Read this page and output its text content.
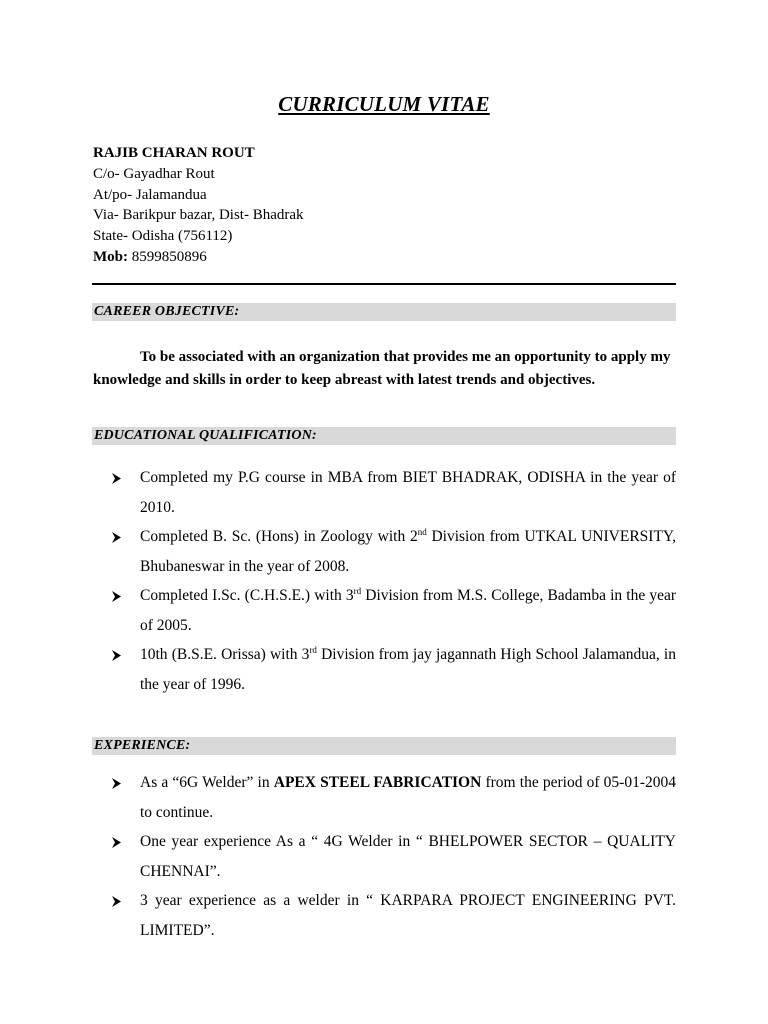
CURRICULUM VITAE
RAJIB CHARAN ROUT
C/o- Gayadhar Rout
At/po- Jalamandua
Via- Barikpur bazar, Dist- Bhadrak
State- Odisha (756112)
Mob: 8599850896
CAREER OBJECTIVE:
To be associated with an organization that provides me an opportunity to apply my knowledge and skills in order to keep abreast with latest trends and objectives.
EDUCATIONAL QUALIFICATION:
Completed my P.G course in MBA from BIET BHADRAK, ODISHA in the year of 2010.
Completed B. Sc. (Hons) in Zoology with 2nd Division from UTKAL UNIVERSITY, Bhubaneswar in the year of 2008.
Completed I.Sc. (C.H.S.E.) with 3rd Division from M.S. College, Badamba in the year of 2005.
10th (B.S.E. Orissa) with 3rd Division from jay jagannath High School Jalamandua, in the year of 1996.
EXPERIENCE:
As a “6G Welder” in APEX STEEL FABRICATION from the period of 05-01-2004 to continue.
One year experience As a “ 4G Welder in “ BHELPOWER SECTOR – QUALITY CHENNAI”.
3 year experience as a welder in “ KARPARA PROJECT ENGINEERING PVT. LIMITED”.
